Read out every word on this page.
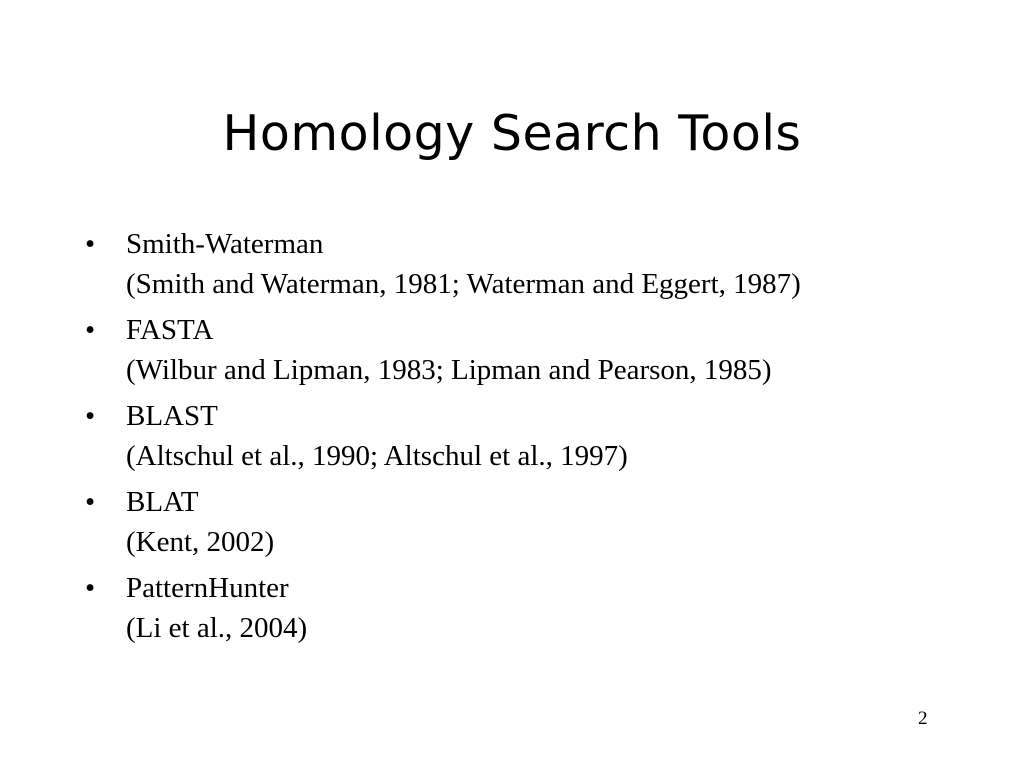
Homology Search Tools
•	Smith-Waterman
(Smith and Waterman, 1981; Waterman and Eggert, 1987)
•	FASTA
(Wilbur and Lipman, 1983; Lipman and Pearson, 1985)
•	BLAST
(Altschul et al., 1990; Altschul et al., 1997)
•	BLAT
(Kent, 2002)
•	PatternHunter
(Li et al., 2004)
2
